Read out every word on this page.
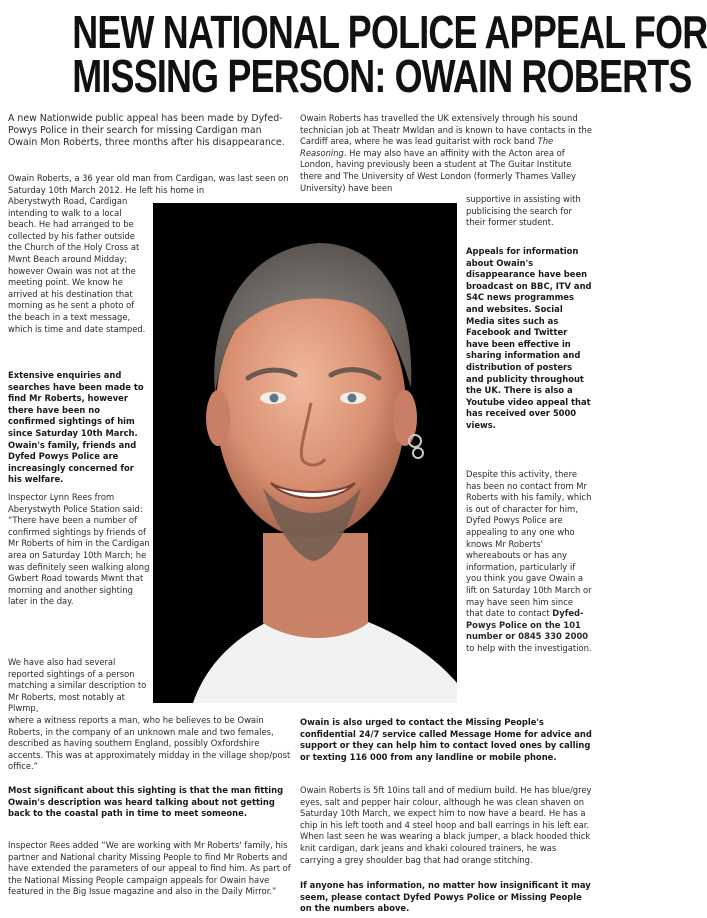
NEW NATIONAL POLICE APPEAL FOR
MISSING PERSON: OWAIN ROBERTS

A new Nationwide public appeal has been made by Dyfed-Powys Police in their search for missing Cardigan man Owain Mon Roberts, three months after his disappearance.

Owain Roberts, a 36 year old man from Cardigan, was last seen on Saturday 10th March 2012. He left his home in

Aberystwyth Road, Cardigan intending to walk to a local beach. He had arranged to be collected by his father outside the Church of the Holy Cross at Mwnt Beach around Midday; however Owain was not at the meeting point. We know he arrived at his destination that morning as he sent a photo of the beach in a text message, which is time and date stamped.

Extensive enquiries and searches have been made to find Mr Roberts, however there have been no confirmed sightings of him since Saturday 10th March. Owain's family, friends and Dyfed Powys Police are increasingly concerned for his welfare.

Inspector Lynn Rees from Aberystwyth Police Station said:
“There have been a number of confirmed sightings by friends of Mr Roberts of him in the Cardigan area on Saturday 10th March; he was definitely seen walking along Gwbert Road towards Mwnt that morning and another sighting later in the day.

We have also had several reported sightings of a person matching a similar description to Mr Roberts, most notably at Plwmp,

where a witness reports a man, who he believes to be Owain Roberts, in the company of an unknown male and two females, described as having southern England, possibly Oxfordshire accents. This was at approximately midday in the village shop/post office.”

Most significant about this sighting is that the man fitting Owain's description was heard talking about not getting back to the coastal path in time to meet someone.

Inspector Rees added “We are working with Mr Roberts' family, his partner and National charity Missing People to find Mr Roberts and have extended the parameters of our appeal to find him. As part of the National Missing People campaign appeals for Owain have featured in the Big Issue magazine and also in the Daily Mirror.”

Owain Roberts has travelled the UK extensively through his sound technician job at Theatr Mwldan and is known to have contacts in the Cardiff area, where he was lead guitarist with rock band The Reasoning. He may also have an affinity with the Acton area of London, having previously been a student at The Guitar Institute there and The University of West London (formerly Thames Valley University) have been

supportive in assisting with publicising the search for their former student.

Appeals for information about Owain's disappearance have been broadcast on BBC, ITV and S4C news programmes and websites. Social Media sites such as Facebook and Twitter have been effective in sharing information and distribution of posters and publicity throughout the UK. There is also a Youtube video appeal that has received over 5000 views.

Despite this activity, there has been no contact from Mr Roberts with his family, which is out of character for him, Dyfed Powys Police are appealing to any one who knows Mr Roberts' whereabouts or has any information, particularly if you think you gave Owain a lift on Saturday 10th March or may have seen him since that date to contact Dyfed-Powys Police on the 101 number or 0845 330 2000 to help with the investigation.

Owain is also urged to contact the Missing People's confidential 24/7 service called Message Home for advice and support or they can help him to contact loved ones by calling or texting 116 000 from any landline or mobile phone.

Owain Roberts is 5ft 10ins tall and of medium build. He has blue/grey eyes, salt and pepper hair colour, although he was clean shaven on Saturday 10th March, we expect him to now have a beard. He has a chip in his left tooth and 4 steel hoop and ball earrings in his left ear. When last seen he was wearing a black jumper, a black hooded thick knit cardigan, dark jeans and khaki coloured trainers, he was carrying a grey shoulder bag that had orange stitching.

If anyone has information, no matter how insignificant it may seem, please contact Dyfed Powys Police or Missing People on the numbers above.
